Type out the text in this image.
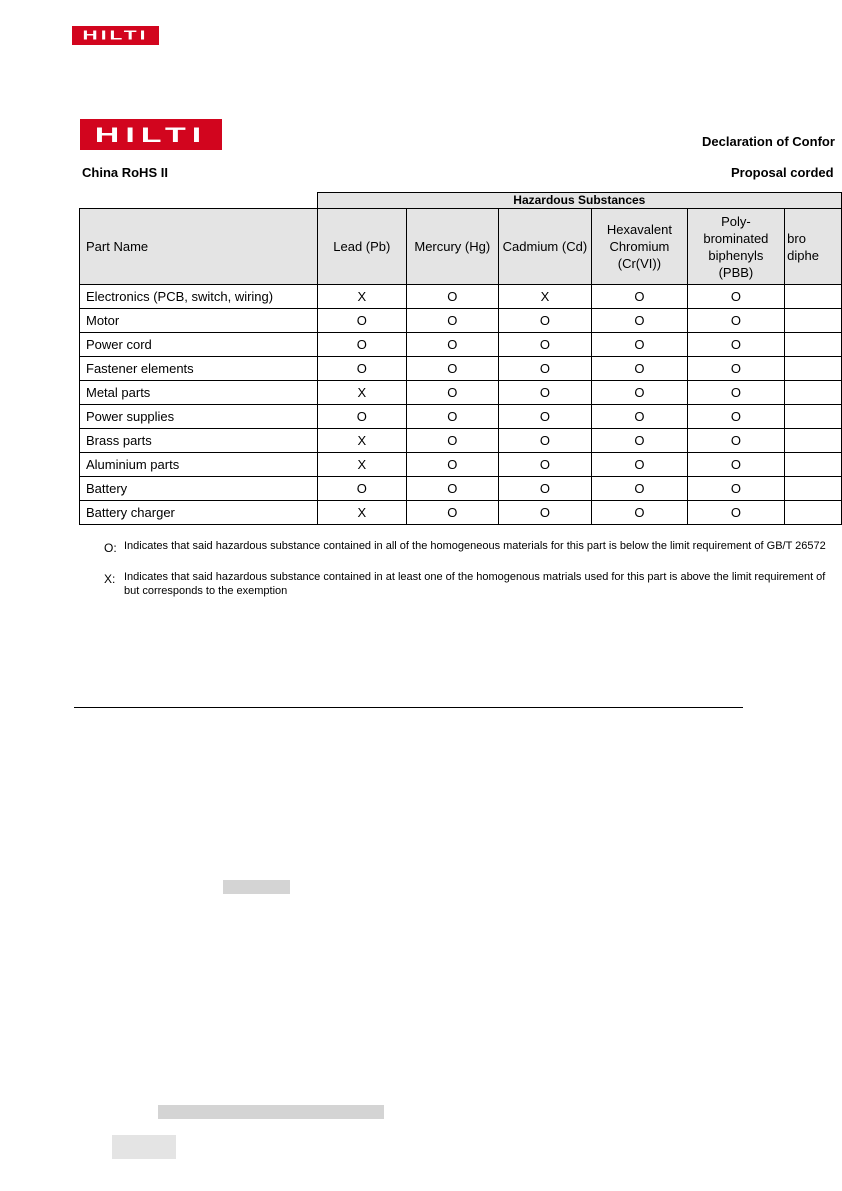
HILTI
HILTI	Declaration of Confor
China RoHS II	Proposal corded
	Hazardous Substances					
Part Name	Lead (Pb)	Mercury (Hg)	Cadmium (Cd)	Hexavalent Chromium (Cr(VI))	Poly-brominated biphenyls (PBB)	bro diphe
Electronics (PCB, switch, wiring)	X	O	X	O	O	
Motor	O	O	O	O	O	
Power cord	O	O	O	O	O	
Fastener elements	O	O	O	O	O	
Metal parts	X	O	O	O	O	
Power supplies	O	O	O	O	O	
Brass parts	X	O	O	O	O	
Aluminium parts	X	O	O	O	O	
Battery	O	O	O	O	O	
Battery charger	X	O	O	O	O	
O: Indicates that said hazardous substance contained in all of the homogeneous materials for this part is below the limit requirement of GB/T 26572
X: Indicates that said hazardous substance contained in at least one of the homogenous matrials used for this part is above the limit requirement of
but corresponds to the exemption
